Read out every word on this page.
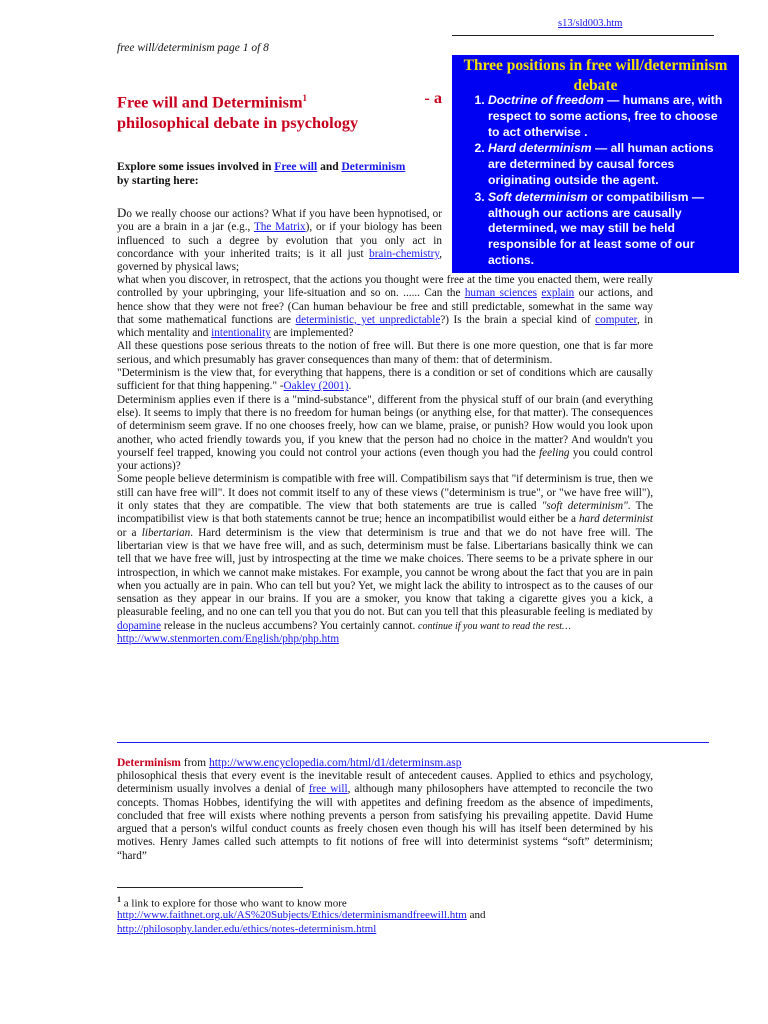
s13/sld003.htm
free will/determinism page 1 of 8
Free will and Determinism$^1$	- a
philosophical debate in psychology
Explore some issues involved in Free will and Determinism
by starting here:
Three positions in free will/determinism debate
1. Doctrine of freedom — humans are, with respect to some actions, free to choose to act otherwise .
2. Hard determinism — all human actions are determined by causal forces originating outside the agent.
3. Soft determinism or compatibilism — although our actions are causally determined, we may still be held responsible for at least some of our actions.
Do we really choose our actions? What if you have been hypnotised, or you are a brain in a jar (e.g., The Matrix), or if your biology has been influenced to such a degree by evolution that you only act in concordance with your inherited traits; is it all just brain-chemistry, governed by physical laws;
what when you discover, in retrospect, that the actions you thought were free at the time you enacted them, were really controlled by your upbringing, your life-situation and so on. ...... Can the human sciences explain our actions, and hence show that they were not free? (Can human behaviour be free and still predictable, somewhat in the same way that some mathematical functions are deterministic, yet unpredictable?) Is the brain a special kind of computer, in which mentality and intentionality are implemented?
All these questions pose serious threats to the notion of free will. But there is one more question, one that is far more serious, and which presumably has graver consequences than many of them: that of determinism.
"Determinism is the view that, for everything that happens, there is a condition or set of conditions which are causally sufficient for that thing happening." -Oakley (2001).
Determinism applies even if there is a "mind-substance", different from the physical stuff of our brain (and everything else). It seems to imply that there is no freedom for human beings (or anything else, for that matter). The consequences of determinism seem grave. If no one chooses freely, how can we blame, praise, or punish? How would you look upon another, who acted friendly towards you, if you knew that the person had no choice in the matter? And wouldn't you yourself feel trapped, knowing you could not control your actions (even though you had the feeling you could control your actions)?
Some people believe determinism is compatible with free will. Compatibilism says that "if determinism is true, then we still can have free will". It does not commit itself to any of these views ("determinism is true", or "we have free will"), it only states that they are compatible. The view that both statements are true is called "soft determinism". The incompatibilist view is that both statements cannot be true; hence an incompatibilist would either be a hard determinist or a libertarian. Hard determinism is the view that determinism is true and that we do not have free will. The libertarian view is that we have free will, and as such, determinism must be false. Libertarians basically think we can tell that we have free will, just by introspecting at the time we make choices. There seems to be a private sphere in our introspection, in which we cannot make mistakes. For example, you cannot be wrong about the fact that you are in pain when you actually are in pain. Who can tell but you? Yet, we might lack the ability to introspect as to the causes of our sensation as they appear in our brains. If you are a smoker, you know that taking a cigarette gives you a kick, a pleasurable feeling, and no one can tell you that you do not. But can you tell that this pleasurable feeling is mediated by dopamine release in the nucleus accumbens? You certainly cannot. continue if you want to read the rest…
http://www.stenmorten.com/English/php/php.htm
Determinism from http://www.encyclopedia.com/html/d1/determinsm.asp
philosophical thesis that every event is the inevitable result of antecedent causes. Applied to ethics and psychology, determinism usually involves a denial of free will, although many philosophers have attempted to reconcile the two concepts. Thomas Hobbes, identifying the will with appetites and defining freedom as the absence of impediments, concluded that free will exists where nothing prevents a person from satisfying his prevailing appetite. David Hume argued that a person's wilful conduct counts as freely chosen even though his will has itself been determined by his motives. Henry James called such attempts to fit notions of free will into determinist systems “soft” determinism; “hard”
$^1$ a link to explore for those who want to know more
http://www.faithnet.org.uk/AS%20Subjects/Ethics/determinismandfreewill.htm and
http://philosophy.lander.edu/ethics/notes-determinism.html
